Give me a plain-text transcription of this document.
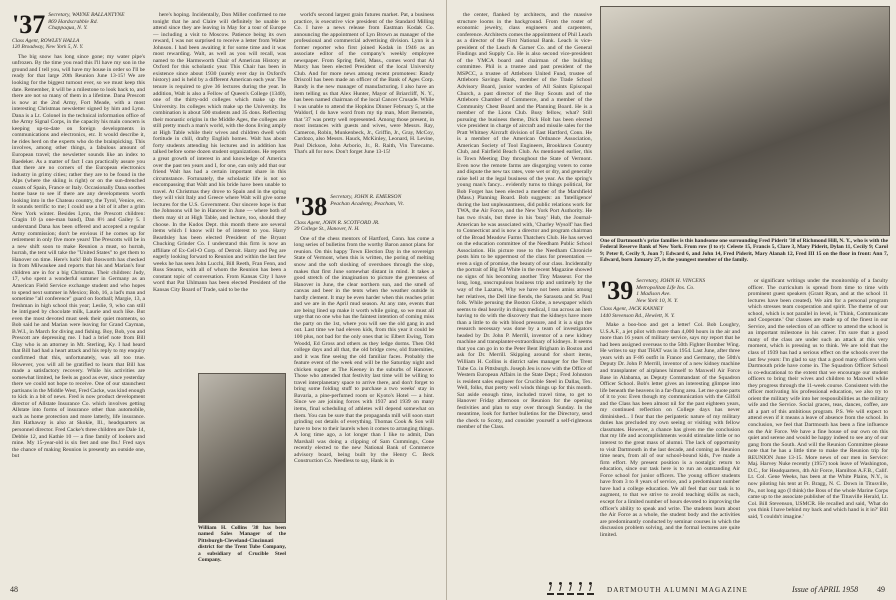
'37 Secretary, WAYNE BALLANTYNE
869 Hardscrabble Rd.
Chappaqua, N. Y.
Class Agent, ROWLEY HALLA
120 Broadway, New York 5, N. Y.

The big snow has long since gone; my water pipe's unfrozen. By the time you read this I'll have my son in the ground and I tell you, will have my house in order so I'll be ready for that large 20th Reunion June 13-15! We are looking for the biggest turnout ever, so we must keep this date. Remember, it will be a milestone to look back to, and there are not so many of them in a lifetime. Dana Prescott is now at the 2nd Army, Fort Meade, with a most interesting Christmas newsletter signed by him and Lynn. Dana is a Lt. Colonel in the technical information office of the Army Signal Corps, in the capacity his main concern is keeping up-to-date on foreign developments in communications and electronics, etc. It would describe it, he rides herd on the experts who do the brainpicking. This involves, among other things, a fabulous amount of European travel; the newsletter sounds like an index to Baedeker. As a matter of fact I can practically assure you that there are no corners of the European electronics industry in grimy cities; rather they are to be found in the Alps (where the skiing is right) or on the sun-drenched coasts of Spain, France or Italy. Occasionally Dana soothes home base to see if there are any developments worth looking into in the Chateau country, the Tyrol, Venice, etc. It sounds terrific to me; I could use a bit of it after a grim New York winter. Besides Lynn, the Prescott children: Cragin 10 (a one-man band), Dan 8½ and Gailey 5. I understand Dana has been offered and accepted a regular Army commission; don't be envious if he comes up for retirement in only five more years! The Prescotts will be in a new shift soon to make Reunion a must, so hurrah, hurrah, the tent will take the "United States" to get them to Hanover on time. Here's luck! Bob Bosworth has checked in from Milwaukee and reports that his and Marian's four children are in for a big Christmas. Their children: Judy, 17, who spent a wonderful summer in Germany as an American Field Service exchange student and who hopes to spend next summer in Mexico; Bob, 16, a lad's man and sometime "all conference" guard on football; Margie, 13, a freshman in high school this year; Leslie, 9, who can still be intrigued by chocolate milk, Laurie and such like. But even the most devoted must seek their quiet moments, so Bob said he and Marian were leaving for Grand Cayman, B.W.I., in March for diving and fishing. Boy, Bob, you and Prescott are depressing me. I had a brief note from Bill Clay who is an attorney in Mt. Sterling, Ky. I had heard that Bill had had a heart attack and his reply to my enquiry confirmed that this, unfortunately, was all too true. However, you will all be gratified to learn that Bill has made a satisfactory recovery. While his activities are somewhat limited, he feels as good as ever, since yesterday there we could not hope to receive. One of our staunchest partisans in the Middle West, Fred Cacke, was kind enough to kick in a bit of news. Fred is now product development director of Allstate Insurance Co. which involves getting Allstate into forms of insurance other than automobile, such as home protection and more latterly, life insurance. Jim Hathaway is also at Skokie, Ill., headquarters as personnel director. Fred Cacke's three children are Dale 14, Debbie 12, and Kathie 10 — a fine family of lookers and mine. My 15-year-old is six feet and one lbs.! Fred says the chance of making Reunion is presently an outside one, but

here's hoping. Incidentally, Don Miller confirmed to me tonight that he and Claire will definitely be unable to attend since they are leaving in May for a tour of Europe — including a visit to Moscow. Patience being its own reward, I was not surprised to receive a letter from Walter Johnson. I had been awaiting it for some time and it was most rewarding. Walt, as well as you will recall, was named to the Harmsworth Chair of American History at Oxford for this scholastic year. This Chair has been in existence since about 1930 (surely ever day in Oxford's history) and is held by a different American each year. The tenure is required to give 36 lectures during the year. In addition, Walt is also a Fellow of Queen's College (1340), one of the thirty-odd colleges which make up the University. Its colleges which make up the University. Its combination is about 500 students and 35 dons. Reflecting their monastic origins in the Middle Ages, the colleges are still pretty much a man's world, with the dons living amply at High Table while their wives and children dwell with fortitude in chill, drafty English homes. Walt has about forty students attending his lectures and in addition has talked before some dozen student organizations. He reports a great growth of interest in and knowledge of America over the past ten years and I, for one, can only add that our friend Walt has had a certain important share in this circumstance. Fortunately, the scholastic life is not so encompassing that Walt and his bride have been unable to travel. At Christmas they drove to Spain and in the spring they will visit Italy and Greece where Walt will give some lectures for the U.S. Government. Our sincere hope is that the Johnsons will be in Hanover in June — where both of them may sit at High Table, and lecture, too, should they choose. In the Kudos Dept. this month there are several items which I know will be of interest to you. Harry Beardsley has been elected President of the Bryant Chucking Grinder Co. I understand this firm is now an affiliate of Ex-Cell-O Corp. of Detroit. Harry and Peg are eagerly looking forward to Reunion and within the last few weeks he has seen John Lucchi, Bill Reeth, Fran Fenn, and Russ Stearns, with all of whom the Reunion has been a constant topic of conversation. From Kansas City I have word that Pat Uhlmann has been elected President of the Kansas City Board of Trade, said to be the

world's second largest grain futures market. Pat, a business practice, is executive vice president of the Standard Milling Co. I have a news release from Eastman Kodak Co. announcing the appointment of Lyn Brown as manager of the professional and commercial advertising division. Lynn is a former reporter who first joined Kodak in 1946 as an associate editor of the company's weekly employee newspaper. From Spring field, Mass., comes word that Al Marcy has been elected President of the local University Club. And for more news among recent promotees: Randy Driscoll has been made an officer of the Bank of Ages Corp. Randy is the new manager of manufacturing. I also have an item telling us that Alex Hunter, Mayor of Briarcliff, N. Y., has been named chairman of the local Cancer Crusade. While I was unable to attend the Hopkins Dinner February 5, at the Waldorf, I do have word from my tip man, Mort Bernstein, that '37 was pretty well represented. Among those present, in most instances with guests and wives, were Messrs. Ray, Cameron, Robin, Munkenbeck, Jr., Griffin, Jr., Gray, McCoy, Cardozo, also Messrs. Hauck, McKinley, Leonard, H. Levine, Paul Dickson, John Arborio, Jr., R. Raith, Vin Turecamo. That's all for now. Don't forget June 13-15!

'38 Secretary, JOHN R. EMERSON
Peachan Academy, Peacham, Vt.
Class Agent, JOHN R. SCOTFORD JR.
39 College St., Hanover, N. H.

One of the chess mentors of Hartford, Conn. has come a long series of bulletins from the worthy Baron annot plans for reunion. On this happy Town Election Day in the sovereign State of Vermont, when this is written, the poring of melting snow and the soft sloshing of overshoes through the slop, makes that first June somewhat distant in mind. It takes a good stretch of the imagination to picture the greenness of Hanover in June, the clear northern sun, and the smell of canvas and beer in the tents when the weather outside is hardly clement. It may be even harder when this reaches print and we are in the April mud season. At any rate, events that are being lined up make it worth while going, so we must all urge that no one who has the faintest intention of coming miss the party on the 1st, where you will see the old gang in and out. Last time we had eleven kids, from this year it could be 100 plus, not bad for the only ones that is: Elbert Ewing, Tom Woodd, Ed Gross and others as they ledge dorms. Then Old college days and all that, the old bridge crew, old fraternities, and it was fine seeing the old familiar faces. Probably the feature event of the week end will be the Saturday night and chicken supper at The Keeney in the suburbs of Hanover. Those who attended that festivity last time will be willing to travel interplanetary space to arrive there, and don't forget to bring some folding stuff to purchase a two weeks' stay in Bavaria, a pine-perfumed room or Kyoto's Hotel — a hint. Since we are joining forces with 1937 and 1939 on many items, final scheduling of athletes will depend somewhat on them. You can be sure that the propaganda mill will soon start grinding out details of everything. Thomas Cook & Son will have to bow to their laurels when it comes to arranging things. A long time ago, a lot longer than I like to admit, Dan Marshall was doing a clipping of Sam Cummings, Cone recently elected to the new National Bank of Commerce advisory board, being built by the Henry C. Beck Construction Co. Needless to say, Hank is in

William H. Collins '38 has been named Sales Manager of the Pittsburgh-Cleveland-Cincinnati district for the Trent Tube Company, a subsidiary of Crucible Steel Company.
48

the center, flanked by architects, and the massive structure looms in the background. From the roster of economic jewelry, class engineers and carpenters, conference. Architects comes the appointment of Phil Leach as a director of the First National Bank. Leach is vice-president of the Leach & Garner Co. and of the General Findings and Supply Co. He is also second vice-president of the YMCA board and chairman of the building committee. Phil is a trustee and past president of the MSPCC, a trustee of Attleboro United Fund, trustee of Attleboro Savings Bank, member of the Trade School Advisory Board, junior warden of All Saints Episcopal Church, a past director of the Boy Scouts and of the Attleboro Chamber of Commerce, and a member of the Community Chest Board and the Planning Board. He is a member of the Lions Club. Busy fellow, what? Still pursuing the business theme, Dick Holt has been elected vice president in charge of aircraft and missile sales for the Pratt Whitney Aircraft division of East Hartford, Conn. He is a member of the American Ordnance Association, American Society of Tool Engineers, Brooklawn Country Club, and Fairfield Beach Club. As mentioned earlier, this is Town Meeting Day throughout the State of Vermont. Even now the remote farms are disgorging voters to come and dispute the new tax rates, vote wet or dry, and generally raise hell at the legal business of the year. As the spring's young man's fancy... evidently turns to things political, for Bob Forget has been elected a member of the Marshfield (Mass.) Planning Board. Bob suggests: an 'Intelligence' during the last unpleasantness, did public relations work for TWA, the Air Force, and the New York Port Authority. He has two rivals, but three in his 'busy' Hub, the Journal-American he was associated with, 'Charley Wysolf' has fled to Connecticut and is now a director and program chairman of the Broad Meadow Farms Thatchers Club. He has served on the education committee of the Needham Public School Association. His picture rose to the Needham Chronicle posts him to be uppermost of the class for presentation — even a sign of promise, the beauty of our class. Incidentally the portrait of Big Ed White in the recent Magazine showed no signs of his becoming another Tiny Masseur. For the long, long, unscrupulous business trip and untimely by the way of the Lazarus, Why we have not been amiss among her relatives, the Dell line fiends, the Sarasota and St. Paul folk. While perusing the Boston Globe, a newspaper which seems to deal heavily in things medical, I ran across an item having to do with the discovery that the kidneys have more than a little to do with blood pressure, and it is a sign the research necessary was done by a team of investigators headed by Dr. John P. Merrill, inventor of a new kidney machine and transplanter-extraordinary of kidneys. It seems that you can go in to the Peter Bent Brigham in Boston and ask for Dr. Merrill. Skipping around for short items, William H. Collins is district sales manager for the Trent Tube Co. in Pittsburgh. Joseph Jeu is now with the Office of Western European Affairs in the State Dept.; Fred Johnston is resident sales engineer for Crucible Steel in Dallas, Tex. Well, folks, that pretty well winds things up for this month. Sat aside enough time, included travel time, to get to Hanover Friday afternoon or Reunion for the opening festivities and plan to stay over through Sunday. In the meantime, look for further bulletins for the Directory, send the check to Scotty, and consider yourself a self-righteous member of the Class.

One of Dartmouth's prize families is this handsome one surrounding Fred Piderit '38 of Richmond Hill, N. Y., who is with the Federal Reserve Bank of New York. From row (l to r): Celeste 15, Francis 5, Clare 3, Mary Piderit, Dylan 11, Cecily 9; Carol 9; Peter 8, Cecily 9, Joan 7; Edward 6, and John 14, Fred Piderit, Mary Alanah 12, Fred III 15 on the floor in front: Ann 7, Edward, born January 27, is the youngest member of the family.
'39 Secretary, JOHN H. VINCENS
Metropolitan Life Ins. Co.
1 Madison Ave.
New York 10, N. Y.
Class Agent, JACK KANNEY
1440 Stevenson Rd., Hewlett, N. Y.

Make a boo-boo and get a letter! Col. Bob Loughry, U.S.A.F., a jet pilot with more than 4,000 hours in the air and more than 16 years of military service, says my report that he had been assigned overseas to the 50th Fighter Bomber Wing. He writes to say that THAT was in 1954. Last June, after three years with an F-86 outfit in France and Germany, the 50th's Deputy Dr. John P. Merrill, inventor of a new kidney machine and transplanter of airplanes himself to Maxwell Air Force Base in Alabama, as Deputy Commandant of the Squadron Officer School. Bob's letter gives an interesting glimpse into life beneath the heavens in a far-flung area. Let me quote parts of it to you: Even though my communication with the Gilfoil and the Class has been almost nil for the past eighteen years, my continued reflection on College days has never diminished... I fear that the peripatetic nature of my military duties has precluded my own seeing or visiting with fellow classmates. However, a chance has given me the conclusion that my life and accomplishments would stimulate little or no interest to the great mass of alumni. The lack of opportunity to visit Dartmouth in the last decade, and coming as Reunion time nears, from all of our school-bound kids, I've made a firm effort. My present position is a nostalgic return to education, since our task here is to run an outstanding Air Force school for junior officers. The young officer students have from 3 to 8 years of service, and a predominant number have had a college education. We all feel that our task is to augment, to that we strive to avoid teaching skills as such, except for a limited number of hours devoted to improving the officer's ability to speak and write. The students learn about the Air Force as a whole, the student body and the activities are predominantly conducted by seminar courses in which the discussion problem solving, and the formal lectures are quite limited.

or significant writings under the monitorship of a faculty officer. The curriculum is spread from time to time with prominent guest speakers (Grant Ryan, and at the school 11 lectures have been created). We aim for a personal program which stresses team cooperation and spirit. The theme of our school, which is not parallel in level, is 'Think, Communicate and Cooperate.' Our classes are made up of the finest in our Service, and the selection of an officer to attend the school is an important milestone in his career. I'm sure that a good many of the class are under such an attack at this very moment, which is pressing us to think. We are told that the class of 1939 has had a serious effect on the schools over the last few years: I'm glad to say that a good many officers with Dartmouth pride have come in. The Squadron Officer School is co-educational to the extent that we encourage our student officers to bring their wives and children to Maxwell while they progress through the 11-week course. Consistent with the officer motivating his professional education, we also try to orient the military wife into her responsibilities as the military wife and the Service. Social graces, teas, dances, coffee, are all a part of this ambitious program. P.S. We will expect to attend even if it means a leave of absence from the school. In conclusion, we feel that Dartmouth has been a fine influence on the Air Force. We have a fine house of our own on this quiet and serene and would be happy indeed to see any of our gang from the South. And will the Reunion Committee please note that he has a little time to make the Reunion trip for REUNION June 13-15. More news of our men in Service: Maj. Harvey Nuke recently (1957) took leave of Washington, D.C., for Headquarters, 4th Air Force, Hamilton A.F.B., Calif. Lt. Col. Gene Weeks, has been at the White Plains, N.Y., is now piloting his tent at Ft. Bragg, N. C. Down in Titusville, Pa., not long ago (I think) the Boss of the whole Marine Corps came up to the associate publisher of the Titusville Herald, Lt. Col. Bill Stevenson, USMCR. He recalled and said, 'What do you think I have behind my back and which hand is it in?' Bill said, 'I couldn't imagine.'

DARTMOUTH ALUMNI MAGAZINE	Issue of APRIL 1958 49
